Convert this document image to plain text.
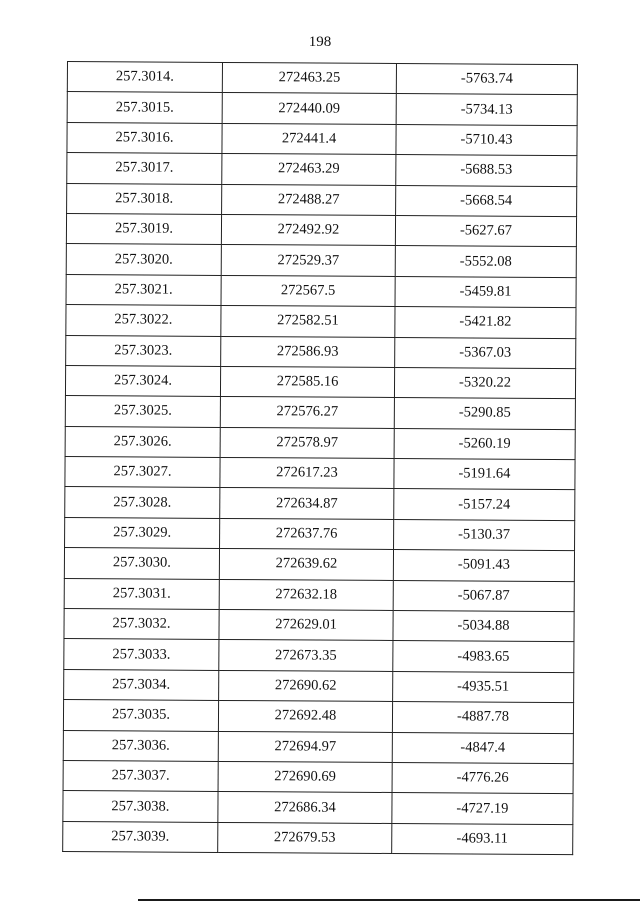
198
257.3014.	272463.25	-5763.74
257.3015.	272440.09	-5734.13
257.3016.	272441.4	-5710.43
257.3017.	272463.29	-5688.53
257.3018.	272488.27	-5668.54
257.3019.	272492.92	-5627.67
257.3020.	272529.37	-5552.08
257.3021.	272567.5	-5459.81
257.3022.	272582.51	-5421.82
257.3023.	272586.93	-5367.03
257.3024.	272585.16	-5320.22
257.3025.	272576.27	-5290.85
257.3026.	272578.97	-5260.19
257.3027.	272617.23	-5191.64
257.3028.	272634.87	-5157.24
257.3029.	272637.76	-5130.37
257.3030.	272639.62	-5091.43
257.3031.	272632.18	-5067.87
257.3032.	272629.01	-5034.88
257.3033.	272673.35	-4983.65
257.3034.	272690.62	-4935.51
257.3035.	272692.48	-4887.78
257.3036.	272694.97	-4847.4
257.3037.	272690.69	-4776.26
257.3038.	272686.34	-4727.19
257.3039.	272679.53	-4693.11
